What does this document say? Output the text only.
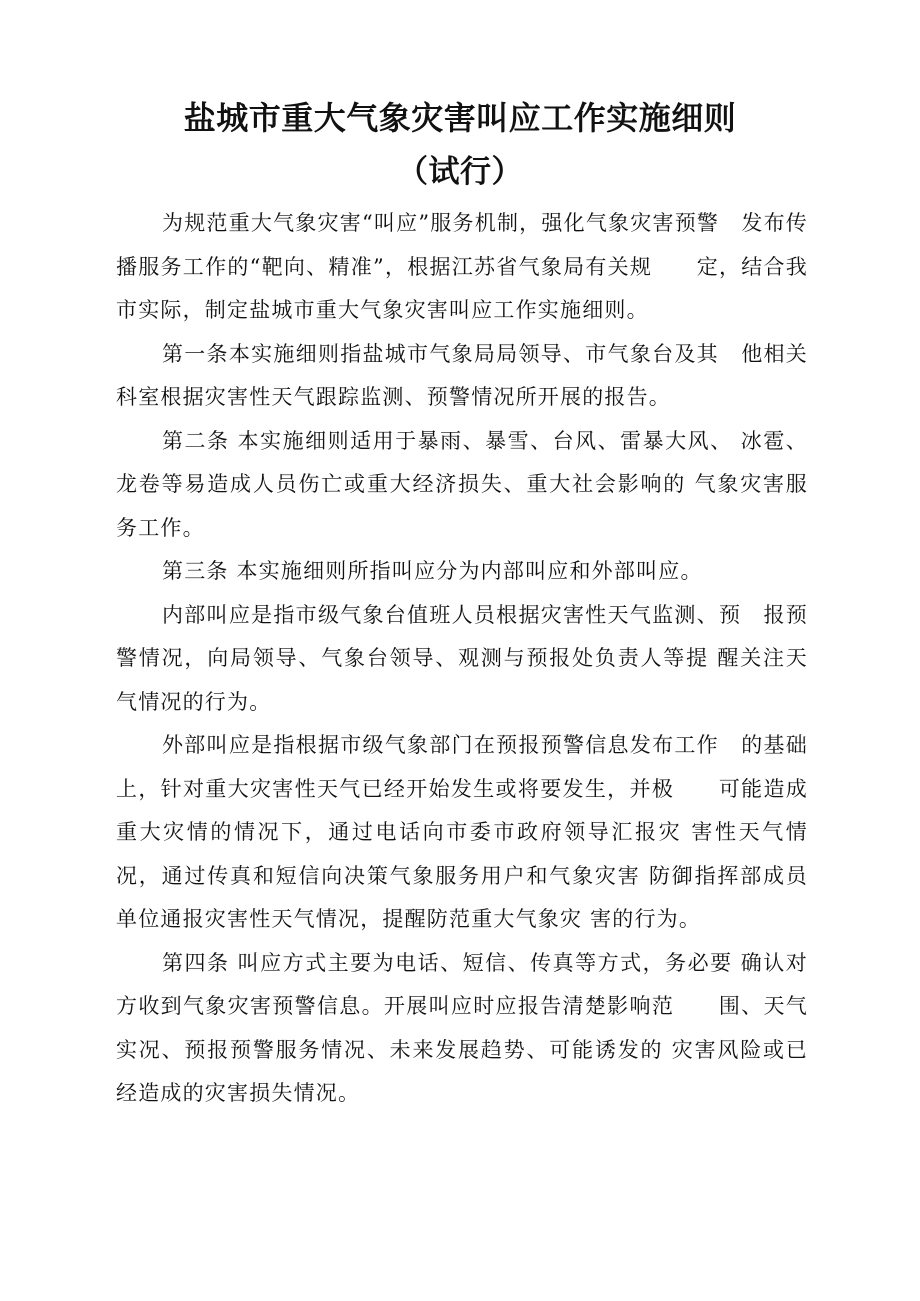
盐城市重大气象灾害叫应工作实施细则
（试行）

为规范重大气象灾害“叫应”服务机制，强化气象灾害预警　发布传播服务工作的“靶向、精准”，根据江苏省气象局有关规　　定，结合我市实际，制定盐城市重大气象灾害叫应工作实施细则。

第一条本实施细则指盐城市气象局局领导、市气象台及其　他相关科室根据灾害性天气跟踪监测、预警情况所开展的报告。

第二条 本实施细则适用于暴雨、暴雪、台风、雷暴大风、 冰雹、龙卷等易造成人员伤亡或重大经济损失、重大社会影响的 气象灾害服务工作。

第三条 本实施细则所指叫应分为内部叫应和外部叫应。

内部叫应是指市级气象台值班人员根据灾害性天气监测、预　报预警情况，向局领导、气象台领导、观测与预报处负责人等提 醒关注天气情况的行为。

外部叫应是指根据市级气象部门在预报预警信息发布工作　的基础上，针对重大灾害性天气已经开始发生或将要发生，并极　　可能造成重大灾情的情况下，通过电话向市委市政府领导汇报灾 害性天气情况，通过传真和短信向决策气象服务用户和气象灾害 防御指挥部成员单位通报灾害性天气情况，提醒防范重大气象灾 害的行为。

第四条 叫应方式主要为电话、短信、传真等方式，务必要 确认对方收到气象灾害预警信息。开展叫应时应报告清楚影响范　　围、天气实况、预报预警服务情况、未来发展趋势、可能诱发的 灾害风险或已经造成的灾害损失情况。
